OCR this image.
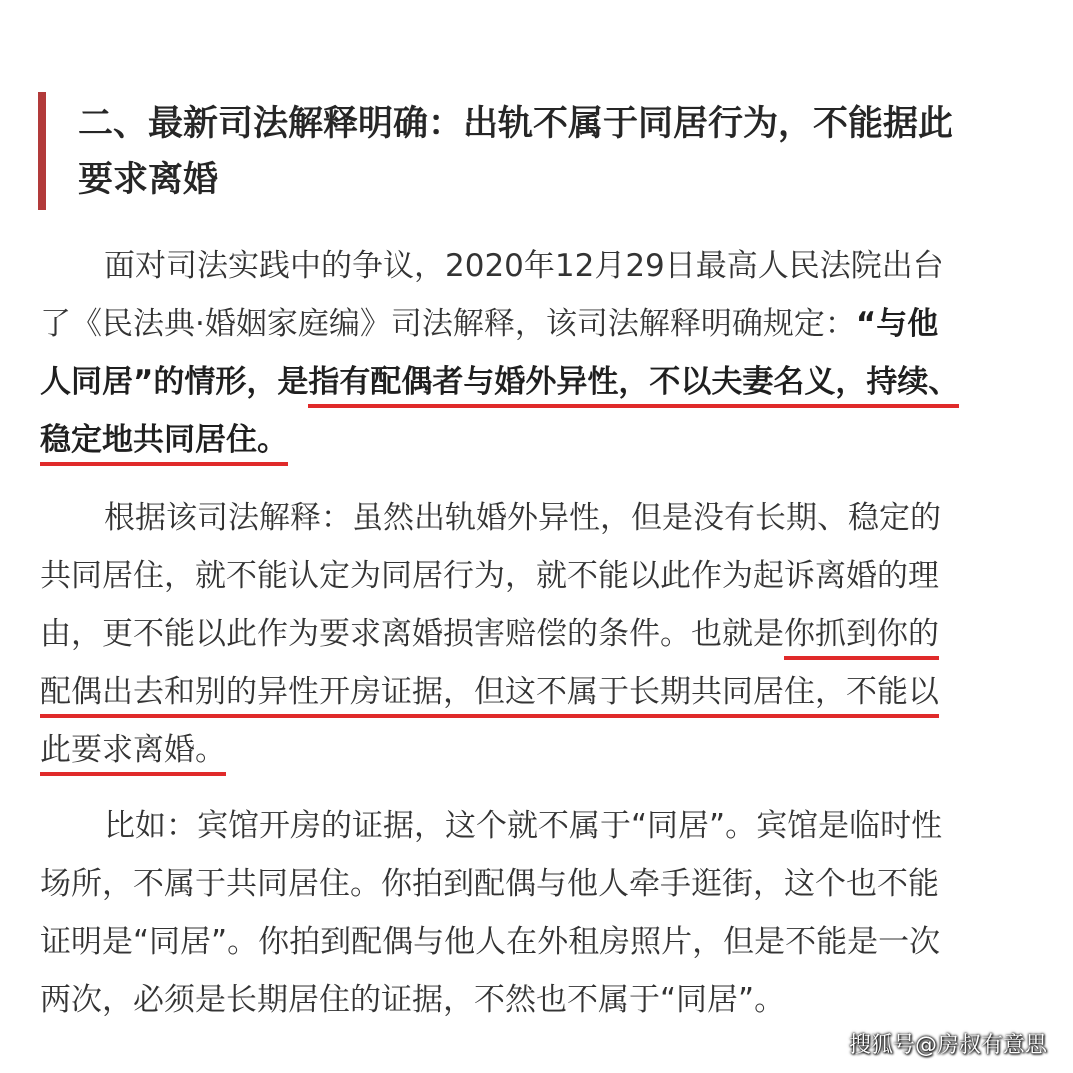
二、最新司法解释明确：出轨不属于同居行为，不能据此
要求离婚
面对司法实践中的争议，2020年12月29日最高人民法院出台
了《民法典·婚姻家庭编》司法解释，该司法解释明确规定：“与他
人同居”的情形，是指有配偶者与婚外异性，不以夫妻名义，持续、
稳定地共同居住。
根据该司法解释：虽然出轨婚外异性，但是没有长期、稳定的
共同居住，就不能认定为同居行为，就不能以此作为起诉离婚的理
由，更不能以此作为要求离婚损害赔偿的条件。也就是你抓到你的
配偶出去和别的异性开房证据，但这不属于长期共同居住，不能以
此要求离婚。
比如：宾馆开房的证据，这个就不属于“同居”。宾馆是临时性
场所，不属于共同居住。你拍到配偶与他人牵手逛街，这个也不能
证明是“同居”。你拍到配偶与他人在外租房照片，但是不能是一次
两次，必须是长期居住的证据，不然也不属于“同居”。
搜狐号@房叔有意思
